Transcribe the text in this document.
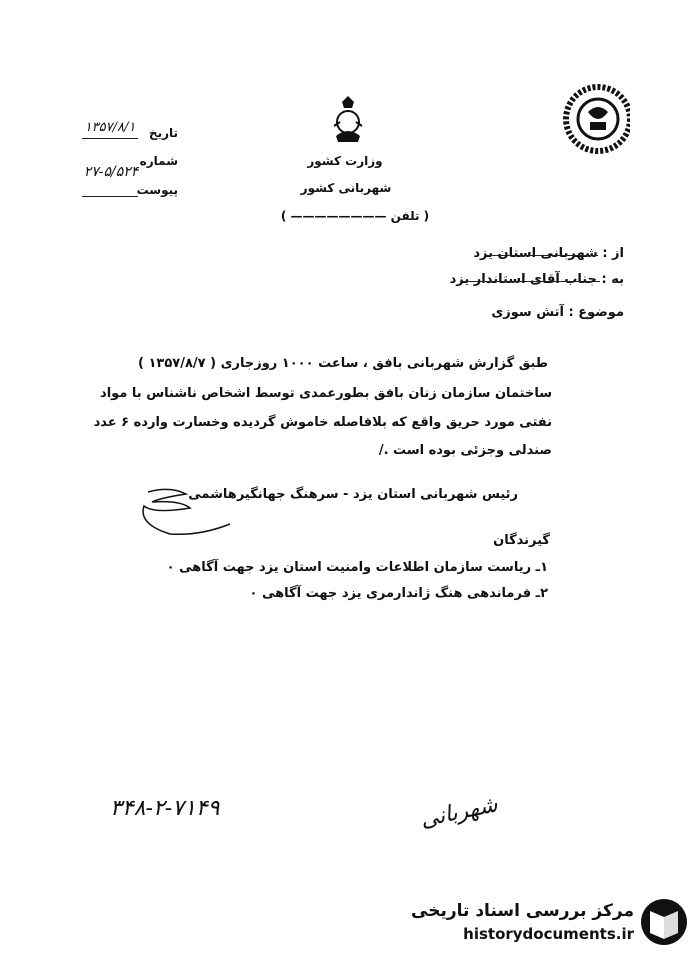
وزارت کشور
شهربانی کشور
( تلفن ———————— )
تاریخ
۱۳۵۷/۸/۱
شماره
۲۷-۵/۵۲۴
پیوست
از : شهربانی استان یزد
به : جناب آقای استاندار یزد
موضوع : آتش سوزی
طبق گزارش شهربانی بافق ، ساعت ۱۰۰۰ روزجاری ( ۱۳۵۷/۸/۷ )
ساختمان سازمان زنان بافق بطورعمدی توسط اشخاص ناشناس با مواد
نفتی مورد حریق واقع که بلافاصله خاموش گردیده وخسارت وارده ۶ عدد
صندلی وجزئی بوده است ./
رئیس شهربانی استان یزد - سرهنگ جهانگیرهاشمی
گیرندگان
۱ـ ریاست سازمان اطلاعات وامنیت استان یزد جهت آگاهی ۰
۲ـ فرماندهی هنگ ژاندارمری یزد جهت آگاهی ۰
۳۴۸-۲-۷۱۴۹	شهربانی
مرکز بررسی اسناد تاریخی
historydocuments.ir
